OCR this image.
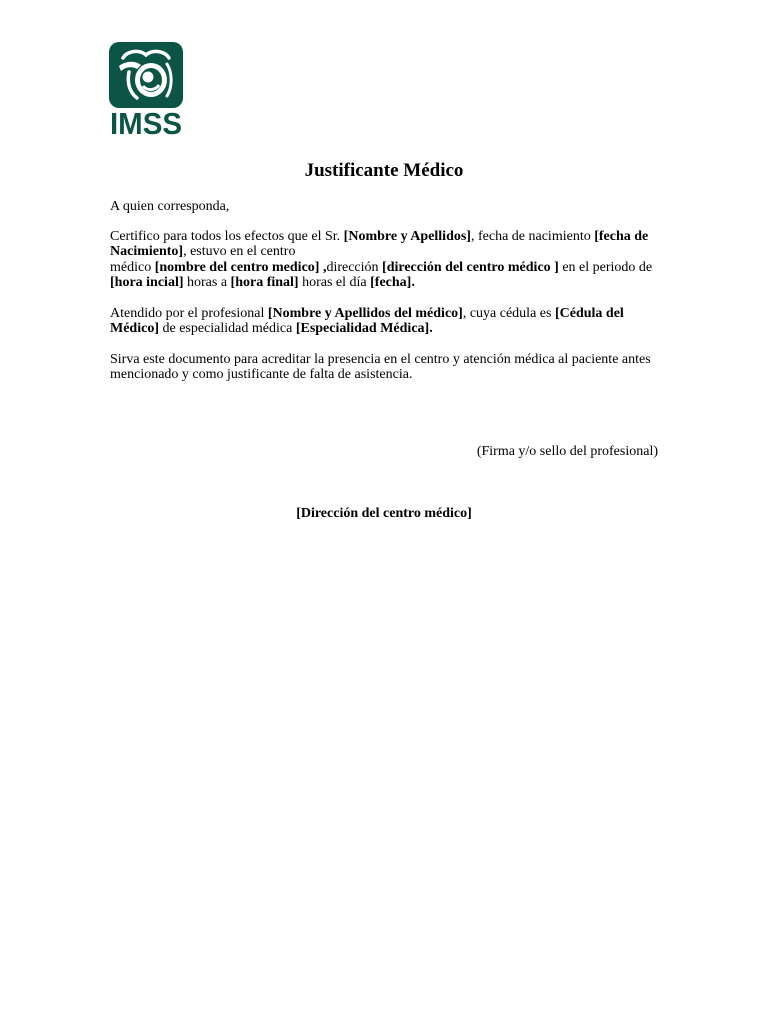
IMSS
Justificante Médico

A quien corresponda,

Certifico para todos los efectos que el Sr. [Nombre y Apellidos], fecha de nacimiento [fecha de Nacimiento], estuvo en el centro
médico [nombre del centro medico] ,dirección [dirección del centro médico ] en el periodo de [hora incial] horas a [hora final] horas el día [fecha].

Atendido por el profesional [Nombre y Apellidos del médico], cuya cédula es [Cédula del Médico] de especialidad médica [Especialidad Médica].

Sirva este documento para acreditar la presencia en el centro y atención médica al paciente antes mencionado y como justificante de falta de asistencia.

(Firma y/o sello del profesional)
[Dirección del centro médico]
